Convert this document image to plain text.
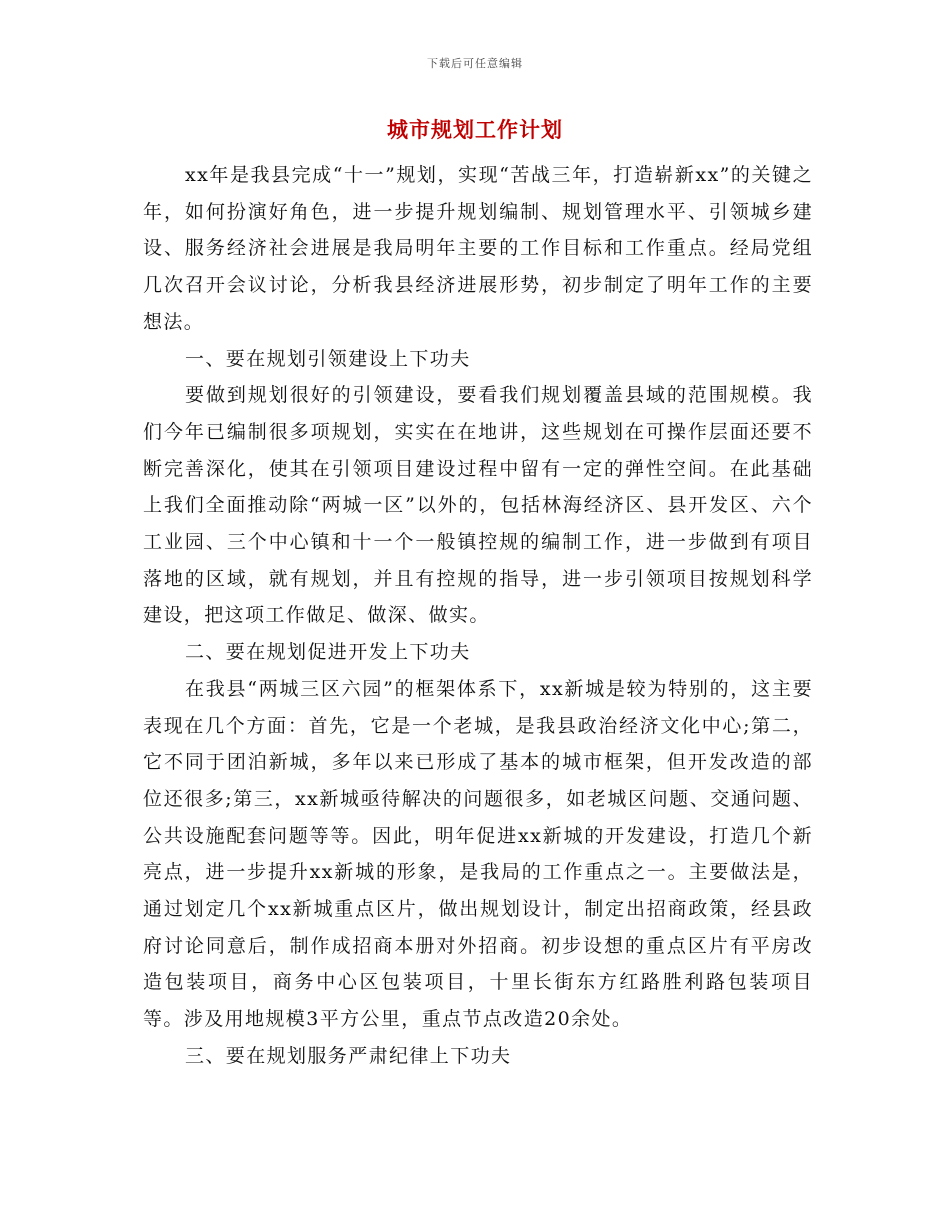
下载后可任意编辑
城市规划工作计划

xx年是我县完成“十一”规划，实现“苦战三年，打造崭新xx”的关键之年，如何扮演好角色，进一步提升规划编制、规划管理水平、引领城乡建设、服务经济社会进展是我局明年主要的工作目标和工作重点。经局党组几次召开会议讨论，分析我县经济进展形势，初步制定了明年工作的主要想法。

一、要在规划引领建设上下功夫

要做到规划很好的引领建设，要看我们规划覆盖县域的范围规模。我们今年已编制很多项规划，实实在在地讲，这些规划在可操作层面还要不断完善深化，使其在引领项目建设过程中留有一定的弹性空间。在此基础上我们全面推动除“两城一区”以外的，包括林海经济区、县开发区、六个工业园、三个中心镇和十一个一般镇控规的编制工作，进一步做到有项目落地的区域，就有规划，并且有控规的指导，进一步引领项目按规划科学建设，把这项工作做足、做深、做实。

二、要在规划促进开发上下功夫

在我县“两城三区六园”的框架体系下，xx新城是较为特别的，这主要表现在几个方面：首先，它是一个老城，是我县政治经济文化中心;第二，它不同于团泊新城，多年以来已形成了基本的城市框架，但开发改造的部位还很多;第三，xx新城亟待解决的问题很多，如老城区问题、交通问题、公共设施配套问题等等。因此，明年促进xx新城的开发建设，打造几个新亮点，进一步提升xx新城的形象，是我局的工作重点之一。主要做法是，通过划定几个xx新城重点区片，做出规划设计，制定出招商政策，经县政府讨论同意后，制作成招商本册对外招商。初步设想的重点区片有平房改造包装项目，商务中心区包装项目，十里长街东方红路胜利路包装项目等。涉及用地规模3平方公里，重点节点改造20余处。

三、要在规划服务严肃纪律上下功夫
